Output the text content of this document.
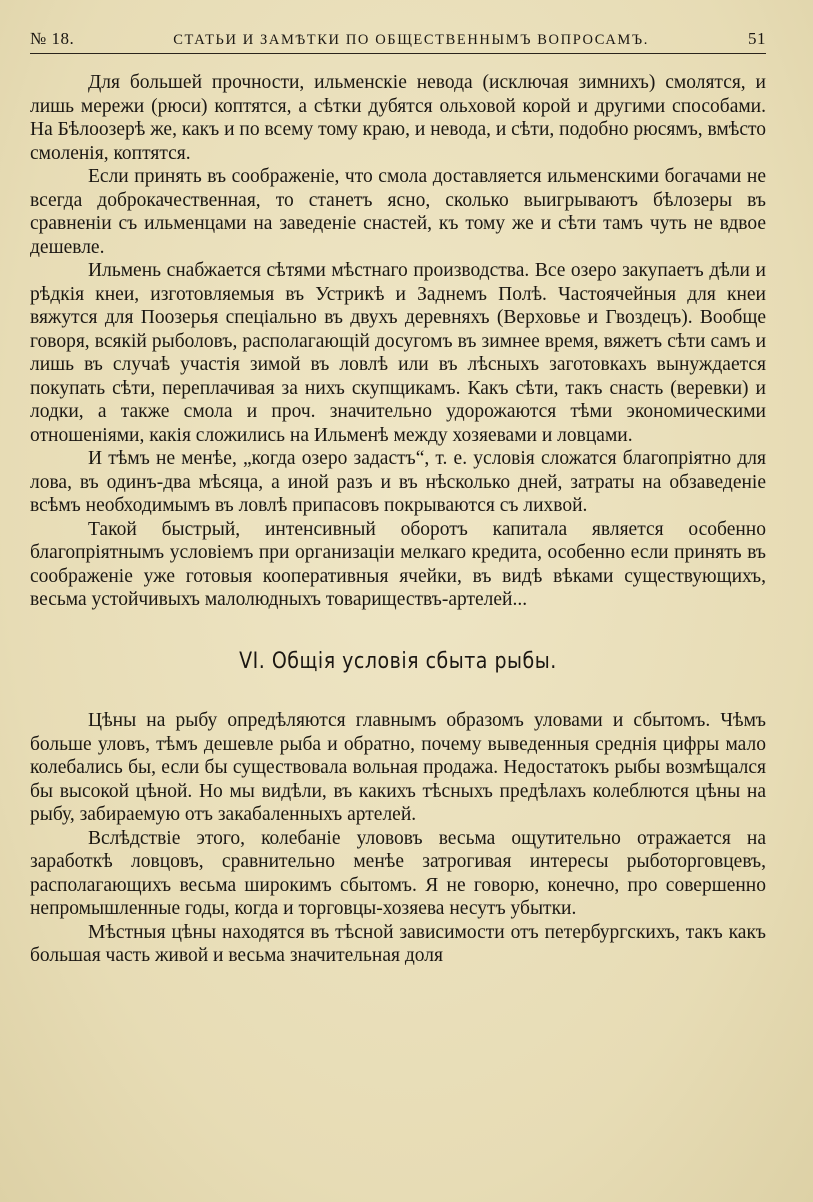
№ 18.	СТАТЬИ И ЗАМѢТКИ ПО ОБЩЕСТВЕННЫМЪ ВОПРОСАМЪ.	51

Для большей прочности, ильменскіе невода (исключая зимнихъ) смолятся, и лишь мережи (рюси) коптятся, а сѣтки дубятся ольховой корой и другими способами. На Бѣлоозерѣ же, какъ и по всему тому краю, и невода, и сѣти, подобно рюсямъ, вмѣсто смоленія, коптятся.

Если принять въ соображеніе, что смола доставляется ильменскими богачами не всегда доброкачественная, то станетъ ясно, сколько выигрываютъ бѣлозеры въ сравненіи съ ильменцами на заведеніе снастей, къ тому же и сѣти тамъ чуть не вдвое дешевле.

Ильмень снабжается сѣтями мѣстнаго производства. Все озеро закупаетъ дѣли и рѣдкія кнеи, изготовляемыя въ Устрикѣ и Заднемъ Полѣ. Частоячейныя для кнеи вяжутся для Поозерья спеціально въ двухъ деревняхъ (Верховье и Гвоздецъ). Вообще говоря, всякій рыболовъ, располагающій досугомъ въ зимнее время, вяжетъ сѣти самъ и лишь въ случаѣ участія зимой въ ловлѣ или въ лѣсныхъ заготовкахъ вынуждается покупать сѣти, переплачивая за нихъ скупщикамъ. Какъ сѣти, такъ снасть (веревки) и лодки, а также смола и проч. значительно удорожаются тѣми экономическими отношеніями, какія сложились на Ильменѣ между хозяевами и ловцами.

И тѣмъ не менѣе, „когда озеро задастъ“, т. е. условія сложатся благопріятно для лова, въ одинъ-два мѣсяца, а иной разъ и въ нѣсколько дней, затраты на обзаведеніе всѣмъ необходимымъ въ ловлѣ припасовъ покрываются съ лихвой.

Такой быстрый, интенсивный оборотъ капитала является особенно благопріятнымъ условіемъ при организаціи мелкаго кредита, особенно если принять въ соображеніе уже готовыя кооперативныя ячейки, въ видѣ вѣками существующихъ, весьма устойчивыхъ малолюдныхъ товариществъ-артелей...

VI. Общія условія сбыта рыбы.

Цѣны на рыбу опредѣляются главнымъ образомъ уловами и сбытомъ. Чѣмъ больше уловъ, тѣмъ дешевле рыба и обратно, почему выведенныя среднія цифры мало колебались бы, если бы существовала вольная продажа. Недостатокъ рыбы возмѣщался бы высокой цѣной. Но мы видѣли, въ какихъ тѣсныхъ предѣлахъ колеблются цѣны на рыбу, забираемую отъ закабаленныхъ артелей.

Вслѣдствіе этого, колебаніе улововъ весьма ощутительно отражается на заработкѣ ловцовъ, сравнительно менѣе затрогивая интересы рыботорговцевъ, располагающихъ весьма широкимъ сбытомъ. Я не говорю, конечно, про совершенно непромышленные годы, когда и торговцы-хозяева несутъ убытки.

Мѣстныя цѣны находятся въ тѣсной зависимости отъ петербургскихъ, такъ какъ большая часть живой и весьма значительная доля
